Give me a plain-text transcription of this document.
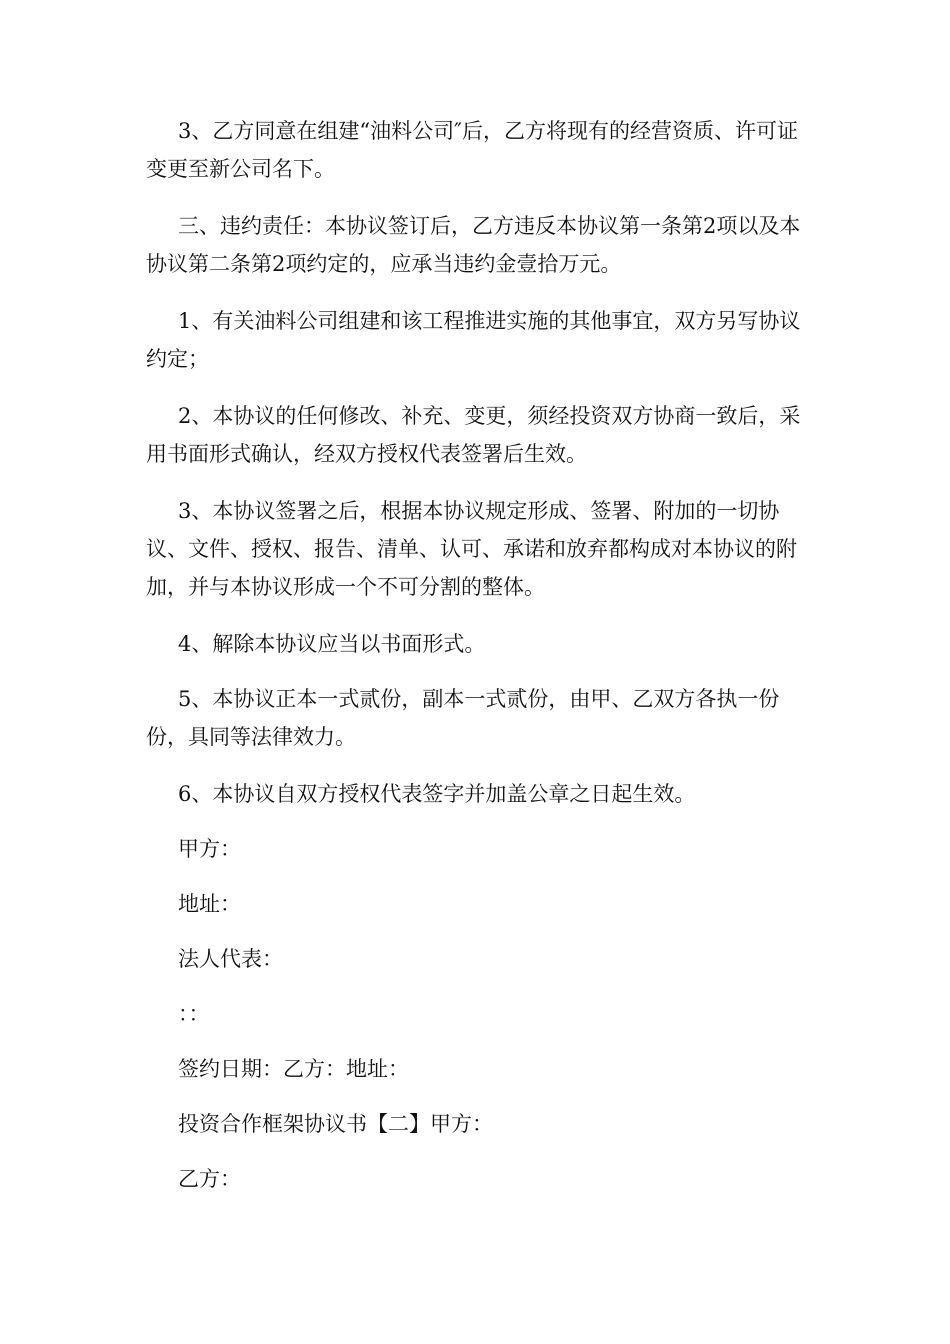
3、乙方同意在组建“油料公司″后，乙方将现有的经营资质、许可证变更至新公司名下。

三、违约责任：本协议签订后，乙方违反本协议第一条第2项以及本协议第二条第2项约定的，应承当违约金壹拾万元。

1、有关油料公司组建和该工程推进实施的其他事宜，双方另写协议约定；

2、本协议的任何修改、补充、变更，须经投资双方协商一致后，采用书面形式确认，经双方授权代表签署后生效。

3、本协议签署之后，根据本协议规定形成、签署、附加的一切协议、文件、授权、报告、清单、认可、承诺和放弃都构成对本协议的附加，并与本协议形成一个不可分割的整体。

4、解除本协议应当以书面形式。

5、本协议正本一式贰份，副本一式贰份，由甲、乙双方各执一份份，具同等法律效力。

6、本协议自双方授权代表签字并加盖公章之日起生效。

甲方：

地址：

法人代表：

：：

签约日期：乙方：地址：

投资合作框架协议书【二】甲方：

乙方：
